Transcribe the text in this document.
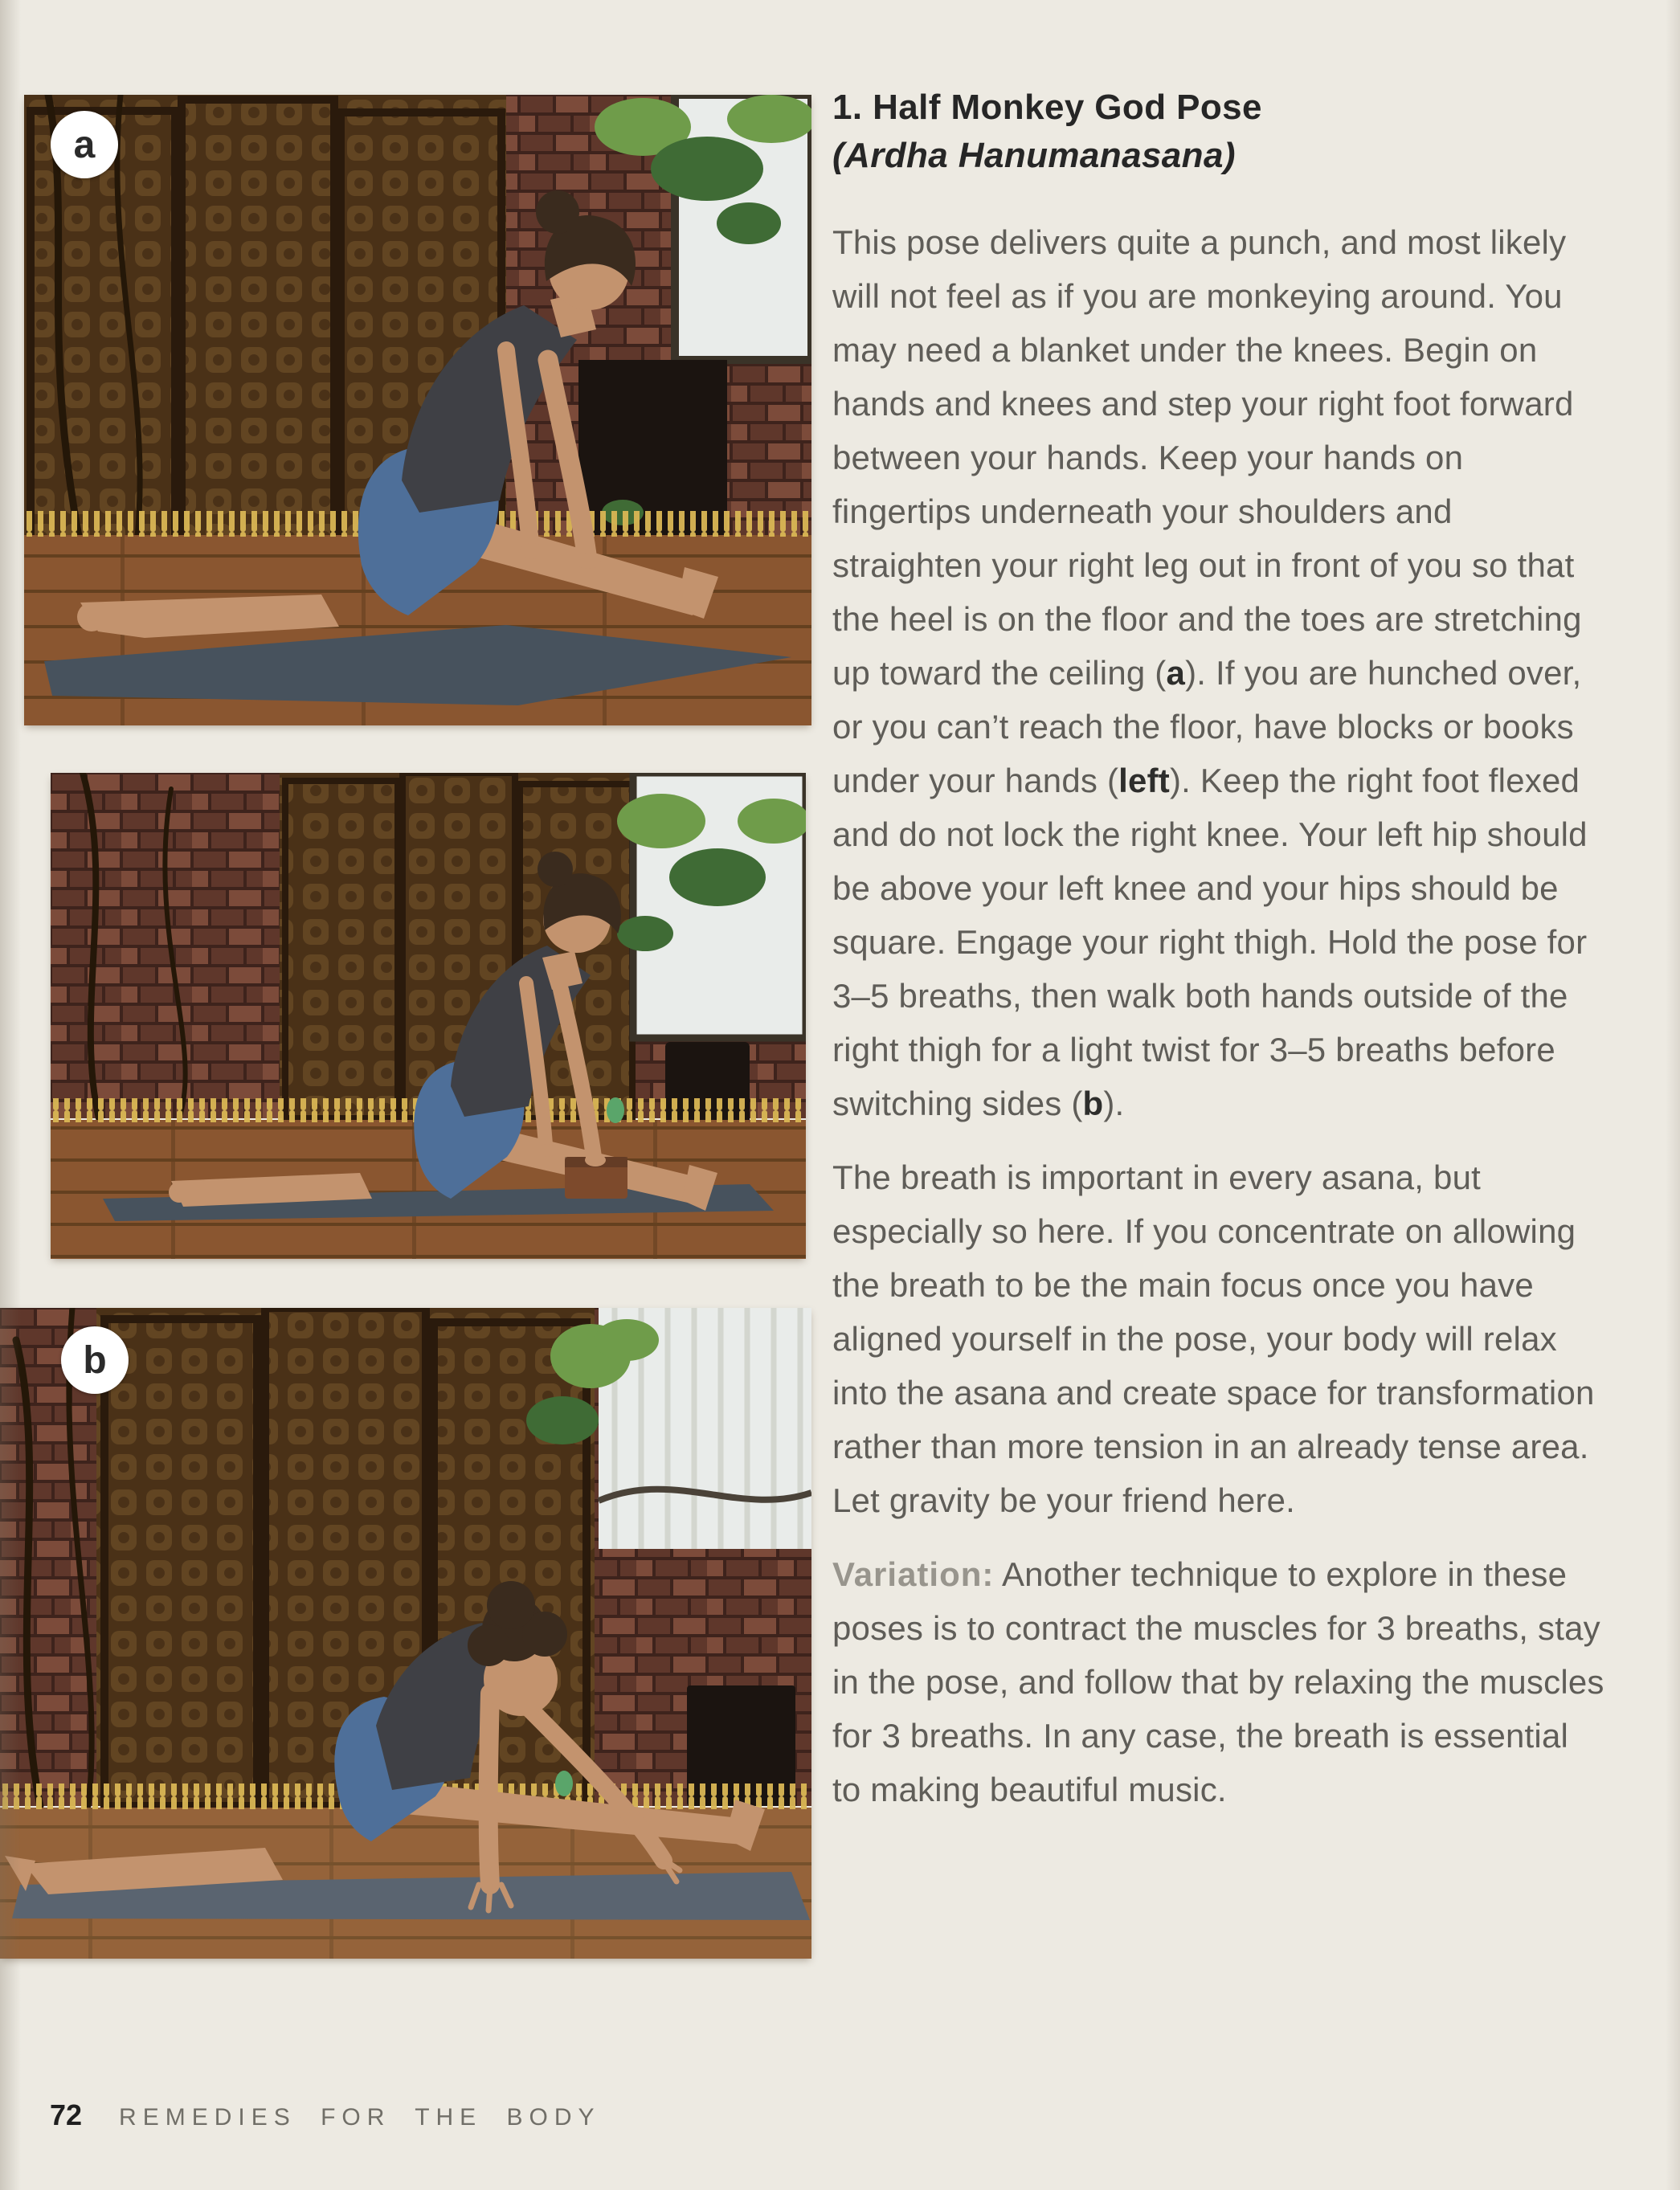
a
b
1. Half Monkey God Pose
(Ardha Hanumanasana)

This pose delivers quite a punch, and most likely will not feel as if you are monkeying around. You may need a blanket under the knees. Begin on hands and knees and step your right foot forward between your hands. Keep your hands on fingertips underneath your shoulders and straighten your right leg out in front of you so that the heel is on the floor and the toes are stretching up toward the ceiling (a). If you are hunched over, or you can’t reach the floor, have blocks or books under your hands (left). Keep the right foot flexed and do not lock the right knee. Your left hip should be above your left knee and your hips should be square. Engage your right thigh. Hold the pose for 3–5 breaths, then walk both hands outside of the right thigh for a light twist for 3–5 breaths before switching sides (b).

The breath is important in every asana, but especially so here. If you concentrate on allowing the breath to be the main focus once you have aligned yourself in the pose, your body will relax into the asana and create space for transformation rather than more tension in an already tense area. Let gravity be your friend here.

Variation: Another technique to explore in these poses is to contract the muscles for 3 breaths, stay in the pose, and follow that by relaxing the muscles for 3 breaths. In any case, the breath is essential to making beautiful music.

72 REMEDIES FOR THE BODY
